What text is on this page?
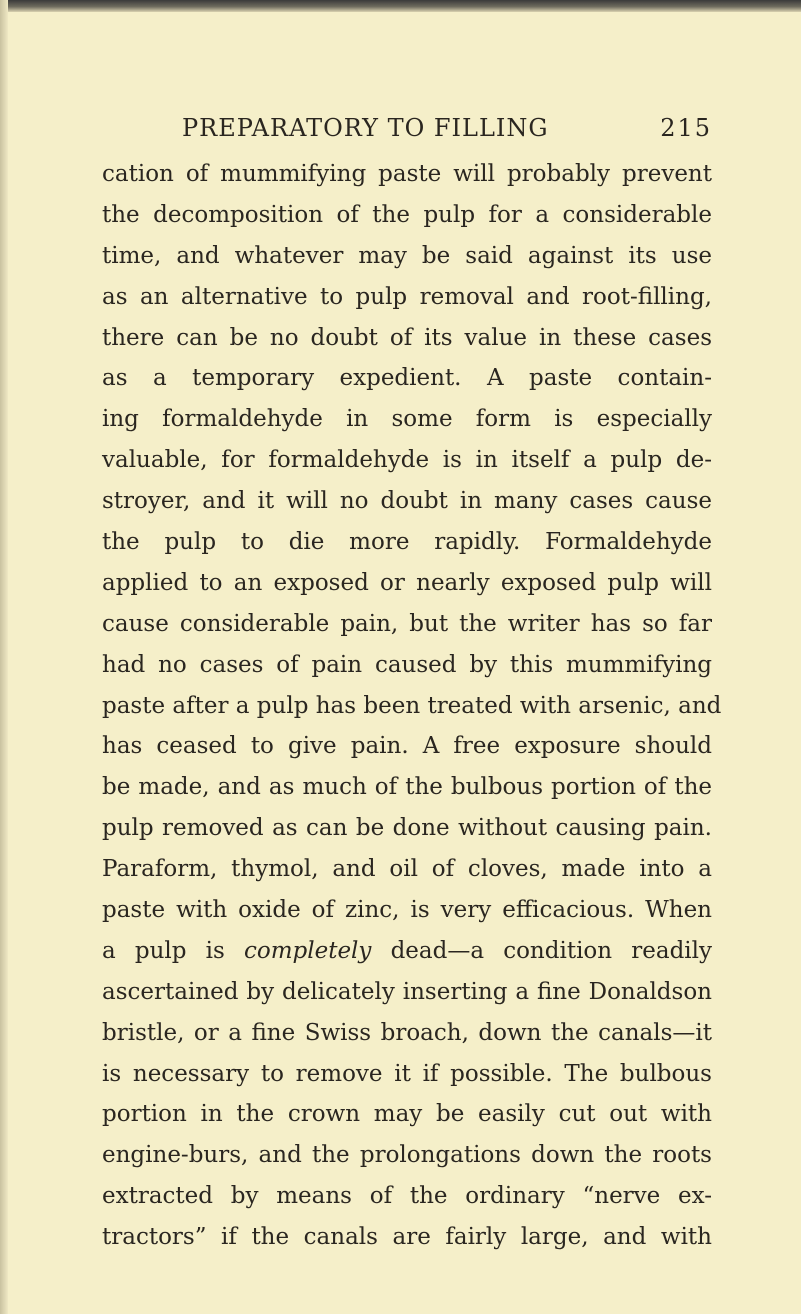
PREPARATORY TO FILLING	215
cation of mummifying paste will probably prevent
the decomposition of the pulp for a considerable
time, and whatever may be said against its use
as an alternative to pulp removal and root-filling,
there can be no doubt of its value in these cases
as a temporary expedient. A paste contain-
ing formaldehyde in some form is especially
valuable, for formaldehyde is in itself a pulp de-
stroyer, and it will no doubt in many cases cause
the pulp to die more rapidly. Formaldehyde
applied to an exposed or nearly exposed pulp will
cause considerable pain, but the writer has so far
had no cases of pain caused by this mummifying
paste after a pulp has been treated with arsenic, and
has ceased to give pain. A free exposure should
be made, and as much of the bulbous portion of the
pulp removed as can be done without causing pain.
Paraform, thymol, and oil of cloves, made into a
paste with oxide of zinc, is very efficacious. When
a pulp is completely dead—a condition readily
ascertained by delicately inserting a fine Donaldson
bristle, or a fine Swiss broach, down the canals—it
is necessary to remove it if possible. The bulbous
portion in the crown may be easily cut out with
engine-burs, and the prolongations down the roots
extracted by means of the ordinary “nerve ex-
tractors” if the canals are fairly large, and with
